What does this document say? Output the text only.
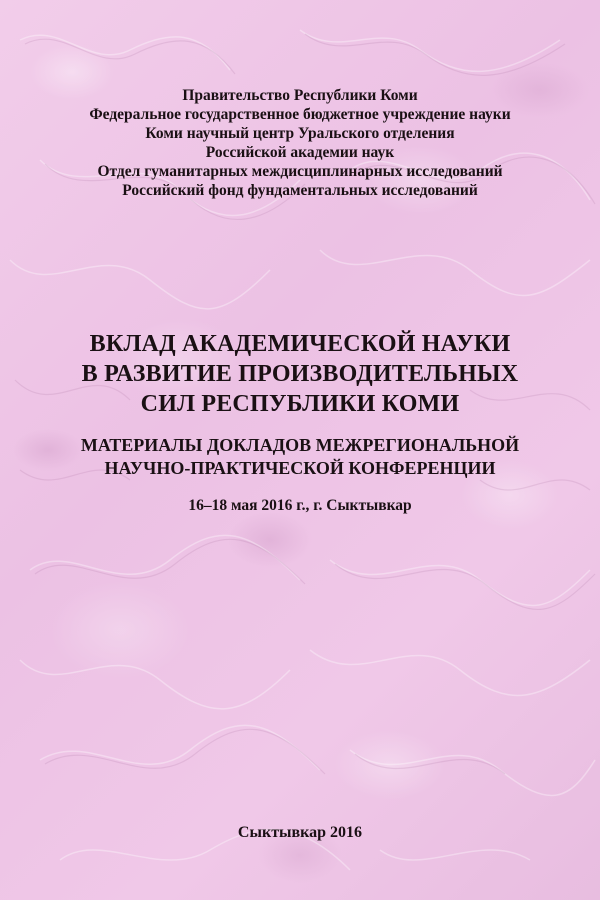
Правительство Республики Коми
Федеральное государственное бюджетное учреждение науки
Коми научный центр Уральского отделения
Российской академии наук
Отдел гуманитарных междисциплинарных исследований
Российский фонд фундаментальных исследований
ВКЛАД АКАДЕМИЧЕСКОЙ НАУКИ
В РАЗВИТИЕ ПРОИЗВОДИТЕЛЬНЫХ
СИЛ РЕСПУБЛИКИ КОМИ
МАТЕРИАЛЫ ДОКЛАДОВ МЕЖРЕГИОНАЛЬНОЙ
НАУЧНО-ПРАКТИЧЕСКОЙ КОНФЕРЕНЦИИ
16–18 мая 2016 г., г. Сыктывкар
Сыктывкар 2016
